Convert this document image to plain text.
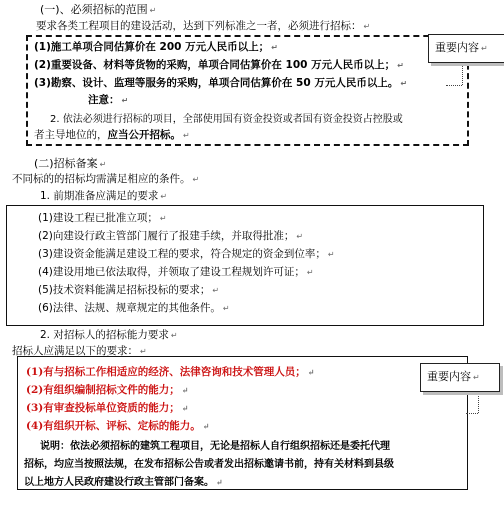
(一)、必须招标的范围 ↵
要求各类工程项目的建设活动，达到下列标准之一者，必须进行招标： ↵
(1)施工单项合同估算价在 200 万元人民币以上； ↵
(2)重要设备、材料等货物的采购，单项合同估算价在 100 万元人民币以上； ↵
(3)勘察、设计、监理等服务的采购，单项合同估算价在 50 万元人民币以上。 ↵
注意： ↵
2. 依法必须进行招标的项目，全部使用国有资金投资或者国有资金投资占控股或
者主导地位的，应当公开招标。 ↵
重要内容 ↵
(二)招标备案 ↵
不同标的的招标均需满足相应的条件。 ↵
1. 前期准备应满足的要求 ↵
(1)建设工程已批准立项； ↵
(2)向建设行政主管部门履行了报建手续，并取得批准； ↵
(3)建设资金能满足建设工程的要求，符合规定的资金到位率； ↵
(4)建设用地已依法取得，并领取了建设工程规划许可证； ↵
(5)技术资料能满足招标投标的要求； ↵
(6)法律、法规、规章规定的其他条件。 ↵
2. 对招标人的招标能力要求 ↵
招标人应满足以下的要求： ↵
(1)有与招标工作相适应的经济、法律咨询和技术管理人员； ↵
(2)有组织编制招标文件的能力； ↵
(3)有审查投标单位资质的能力； ↵
(4)有组织开标、评标、定标的能力。 ↵
说明：依法必须招标的建筑工程项目，无论是招标人自行组织招标还是委托代理
招标，均应当按照法规，在发布招标公告或者发出招标邀请书前，持有关材料到县级
以上地方人民政府建设行政主管部门备案。 ↵
重要内容 ↵
